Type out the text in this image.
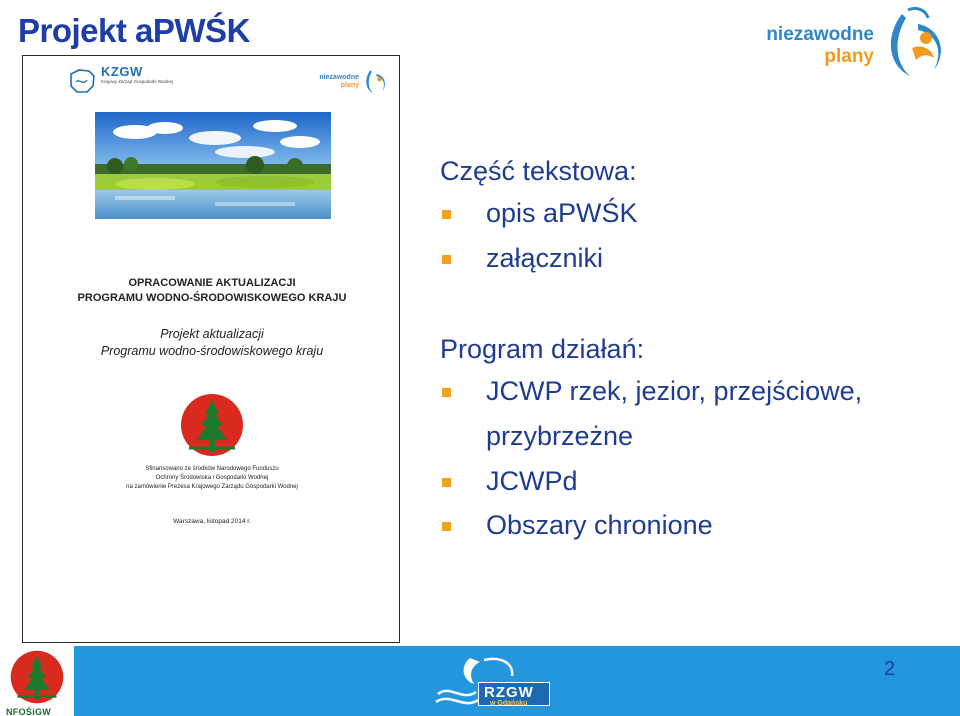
Projekt aPWŚK	niezawodne
plany
KZGW
Krajowy Zarząd Gospodarki Wodnej
niezawodne
plany
OPRACOWANIE AKTUALIZACJI
PROGRAMU WODNO-ŚRODOWISKOWEGO KRAJU
Projekt aktualizacji
Programu wodno-środowiskowego kraju
Sfinansowano ze środków Narodowego Funduszu
Ochrony Środowiska i Gospodarki Wodnej
na zamówienie Prezesa Krajowego Zarządu Gospodarki Wodnej
Warszawa, listopad 2014 r.
Część tekstowa:
opis aPWŚK
załączniki
Program działań:
JCWP rzek, jezior, przejściowe,
przybrzeżne
JCWPd
Obszary chronione
NFOŚiGW
RZGW
w Gdańsku
2
